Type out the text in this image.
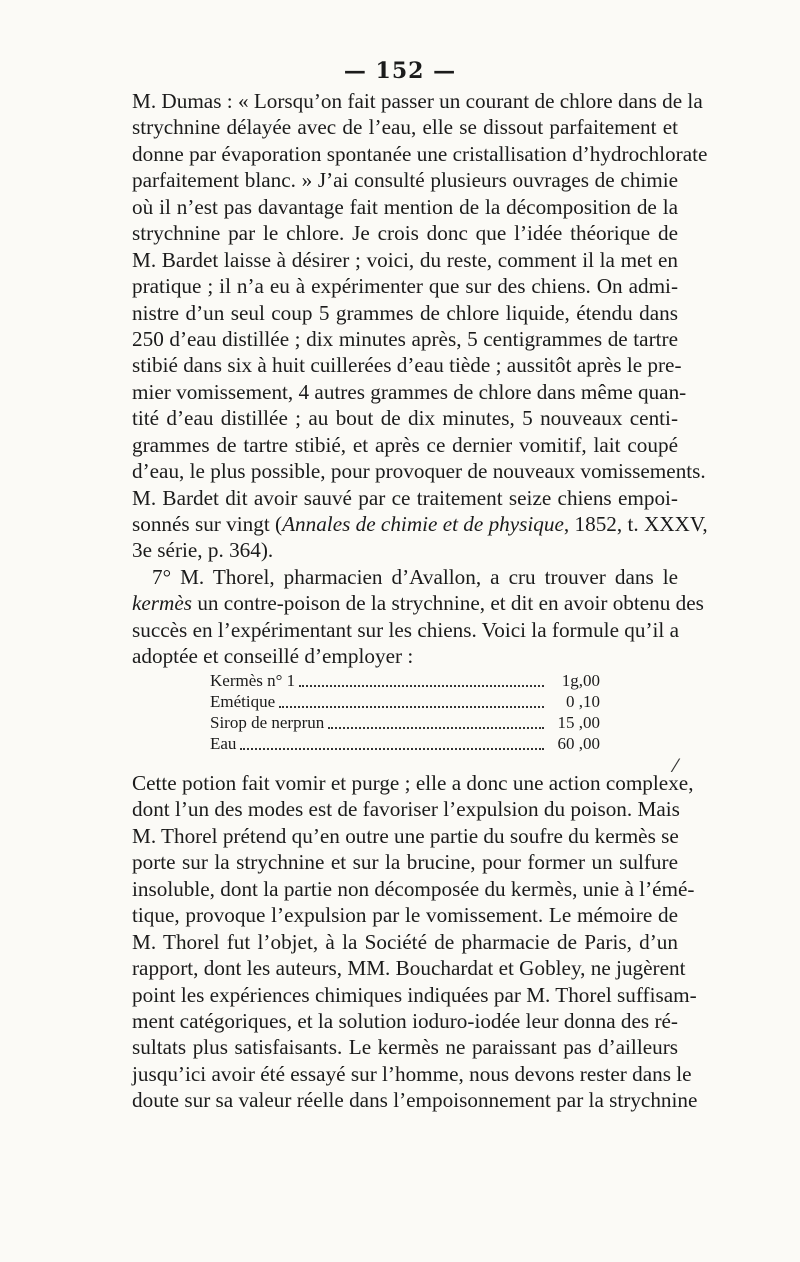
— 152 —
M. Dumas : « Lorsqu’on fait passer un courant de chlore dans de la
strychnine délayée avec de l’eau, elle se dissout parfaitement et
donne par évaporation spontanée une cristallisation d’hydrochlorate
parfaitement blanc. » J’ai consulté plusieurs ouvrages de chimie
où il n’est pas davantage fait mention de la décomposition de la
strychnine par le chlore. Je crois donc que l’idée théorique de
M. Bardet laisse à désirer ; voici, du reste, comment il la met en
pratique ; il n’a eu à expérimenter que sur des chiens. On admi-
nistre d’un seul coup 5 grammes de chlore liquide, étendu dans
250 d’eau distillée ; dix minutes après, 5 centigrammes de tartre
stibié dans six à huit cuillerées d’eau tiède ; aussitôt après le pre-
mier vomissement, 4 autres grammes de chlore dans même quan-
tité d’eau distillée ; au bout de dix minutes, 5 nouveaux centi-
grammes de tartre stibié, et après ce dernier vomitif, lait coupé
d’eau, le plus possible, pour provoquer de nouveaux vomissements.
M. Bardet dit avoir sauvé par ce traitement seize chiens empoi-
sonnés sur vingt (Annales de chimie et de physique, 1852, t. XXXV,
3e série, p. 364).
7° M. Thorel, pharmacien d’Avallon, a cru trouver dans le
kermès un contre-poison de la strychnine, et dit en avoir obtenu des
succès en l’expérimentant sur les chiens. Voici la formule qu’il a
adoptée et conseillé d’employer :
Kermès n° 1	1g,00
Emétique	0 ,10
Sirop de nerprun	15 ,00
Eau	60 ,00
⁄
Cette potion fait vomir et purge ; elle a donc une action complexe,
dont l’un des modes est de favoriser l’expulsion du poison. Mais
M. Thorel prétend qu’en outre une partie du soufre du kermès se
porte sur la strychnine et sur la brucine, pour former un sulfure
insoluble, dont la partie non décomposée du kermès, unie à l’émé-
tique, provoque l’expulsion par le vomissement. Le mémoire de
M. Thorel fut l’objet, à la Société de pharmacie de Paris, d’un
rapport, dont les auteurs, MM. Bouchardat et Gobley, ne jugèrent
point les expériences chimiques indiquées par M. Thorel suffisam-
ment catégoriques, et la solution ioduro-iodée leur donna des ré-
sultats plus satisfaisants. Le kermès ne paraissant pas d’ailleurs
jusqu’ici avoir été essayé sur l’homme, nous devons rester dans le
doute sur sa valeur réelle dans l’empoisonnement par la strychnine
